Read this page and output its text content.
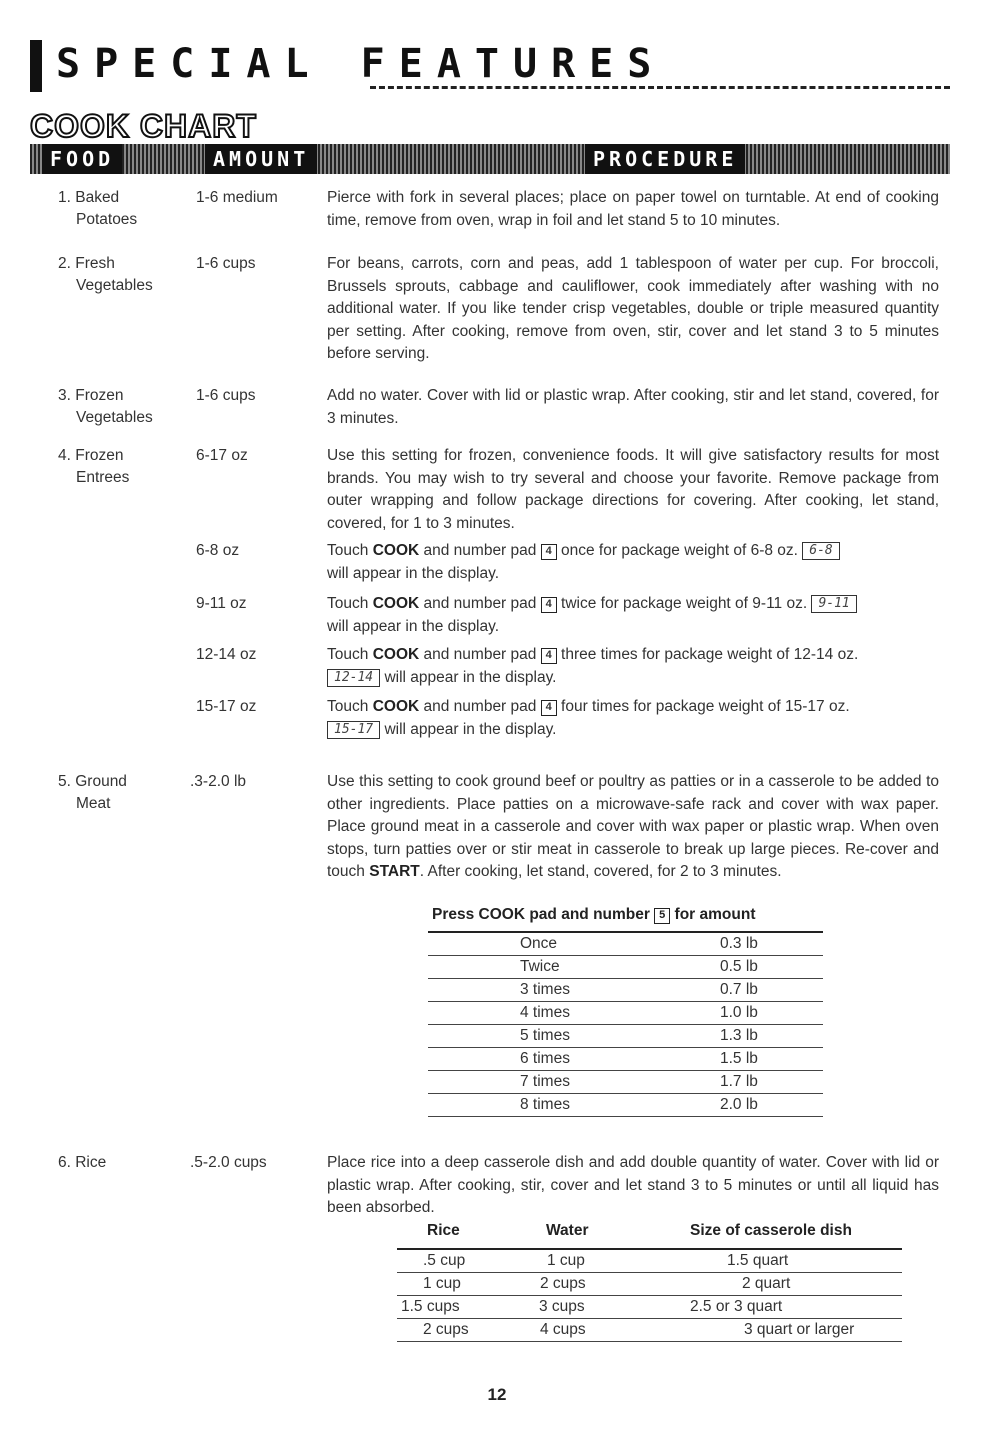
SPECIAL FEATURES
COOK CHART
FOOD	AMOUNT	PROCEDURE
1. Baked
Potatoes
1-6 medium	Pierce with fork in several places; place on paper towel on turntable. At end of cooking time, remove from oven, wrap in foil and let stand 5 to 10 minutes.
2. Fresh
Vegetables
1-6 cups	For beans, carrots, corn and peas, add 1 tablespoon of water per cup. For broccoli, Brussels sprouts, cabbage and cauliflower, cook immediately after washing with no additional water. If you like tender crisp vegetables, double or triple measured quantity per setting. After cooking, remove from oven, stir, cover and let stand 3 to 5 minutes before serving.
3. Frozen
Vegetables
1-6 cups	Add no water. Cover with lid or plastic wrap. After cooking, stir and let stand, covered, for 3 minutes.
4. Frozen
Entrees
6-17 oz	Use this setting for frozen, convenience foods. It will give satisfactory results for most brands. You may wish to try several and choose your favorite. Remove package from outer wrapping and follow package directions for covering. After cooking, let stand, covered, for 1 to 3 minutes.
6-8 oz	Touch COOK and number pad 4 once for package weight of 6-8 oz. 6-8
will appear in the display.
9-11 oz	Touch COOK and number pad 4 twice for package weight of 9-11 oz. 9-11
will appear in the display.
12-14 oz	Touch COOK and number pad 4 three times for package weight of 12-14 oz.
12-14 will appear in the display.
15-17 oz	Touch COOK and number pad 4 four times for package weight of 15-17 oz.
15-17 will appear in the display.
5. Ground
Meat
.3-2.0 lb	Use this setting to cook ground beef or poultry as patties or in a casserole to be added to other ingredients. Place patties on a microwave-safe rack and cover with wax paper. Place ground meat in a casserole and cover with wax paper or plastic wrap. When oven stops, turn patties over or stir meat in casserole to break up large pieces. Re-cover and touch START. After cooking, let stand, covered, for 2 to 3 minutes.
Press COOK pad and number 5 for amount
Once	0.3 lb
Twice	0.5 lb
3 times	0.7 lb
4 times	1.0 lb
5 times	1.3 lb
6 times	1.5 lb
7 times	1.7 lb
8 times	2.0 lb
6. Rice	.5-2.0 cups	Place rice into a deep casserole dish and add double quantity of water. Cover with lid or plastic wrap. After cooking, stir, cover and let stand 3 to 5 minutes or until all liquid has been absorbed.
Rice	Water	Size of casserole dish
.5 cup	1 cup	1.5 quart
1 cup	2 cups	2 quart
1.5 cups	3 cups	2.5 or 3 quart
2 cups	4 cups	3 quart or larger
12
